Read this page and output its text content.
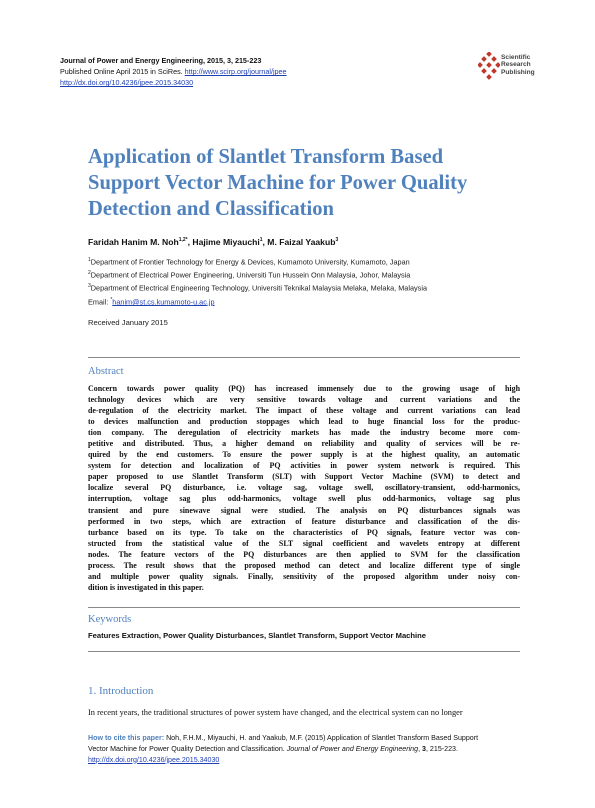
Journal of Power and Energy Engineering, 2015, 3, 215-223
Published Online April 2015 in SciRes. http://www.scirp.org/journal/jpee
http://dx.doi.org/10.4236/jpee.2015.34030
Scientific
Research
Publishing
Application of Slantlet Transform Based
Support Vector Machine for Power Quality
Detection and Classification
Faridah Hanim M. Noh$^{1,2*}$, Hajime Miyauchi$^1$, M. Faizal Yaakub$^3$
$^1$Department of Frontier Technology for Energy & Devices, Kumamoto University, Kumamoto, Japan
$^2$Department of Electrical Power Engineering, Universiti Tun Hussein Onn Malaysia, Johor, Malaysia
$^3$Department of Electrical Engineering Technology, Universiti Teknikal Malaysia Melaka, Melaka, Malaysia
Email: *hanim@st.cs.kumamoto-u.ac.jp
Received January 2015
Abstract
Concern towards power quality (PQ) has increased immensely due to the growing usage of high
technology devices which are very sensitive towards voltage and current variations and the
de-regulation of the electricity market. The impact of these voltage and current variations can lead
to devices malfunction and production stoppages which lead to huge financial loss for the produc-
tion company. The deregulation of electricity markets has made the industry become more com-
petitive and distributed. Thus, a higher demand on reliability and quality of services will be re-
quired by the end customers. To ensure the power supply is at the highest quality, an automatic
system for detection and localization of PQ activities in power system network is required. This
paper proposed to use Slantlet Transform (SLT) with Support Vector Machine (SVM) to detect and
localize several PQ disturbance, i.e. voltage sag, voltage swell, oscillatory-transient, odd-harmonics,
interruption, voltage sag plus odd-harmonics, voltage swell plus odd-harmonics, voltage sag plus
transient and pure sinewave signal were studied. The analysis on PQ disturbances signals was
performed in two steps, which are extraction of feature disturbance and classification of the dis-
turbance based on its type. To take on the characteristics of PQ signals, feature vector was con-
structed from the statistical value of the SLT signal coefficient and wavelets entropy at different
nodes. The feature vectors of the PQ disturbances are then applied to SVM for the classification
process. The result shows that the proposed method can detect and localize different type of single
and multiple power quality signals. Finally, sensitivity of the proposed algorithm under noisy con-
dition is investigated in this paper.
Keywords
Features Extraction, Power Quality Disturbances, Slantlet Transform, Support Vector Machine
1. Introduction
In recent years, the traditional structures of power system have changed, and the electrical system can no longer
How to cite this paper: Noh, F.H.M., Miyauchi, H. and Yaakub, M.F. (2015) Application of Slantlet Transform Based Support
Vector Machine for Power Quality Detection and Classification. Journal of Power and Energy Engineering, 3, 215-223.
http://dx.doi.org/10.4236/jpee.2015.34030
